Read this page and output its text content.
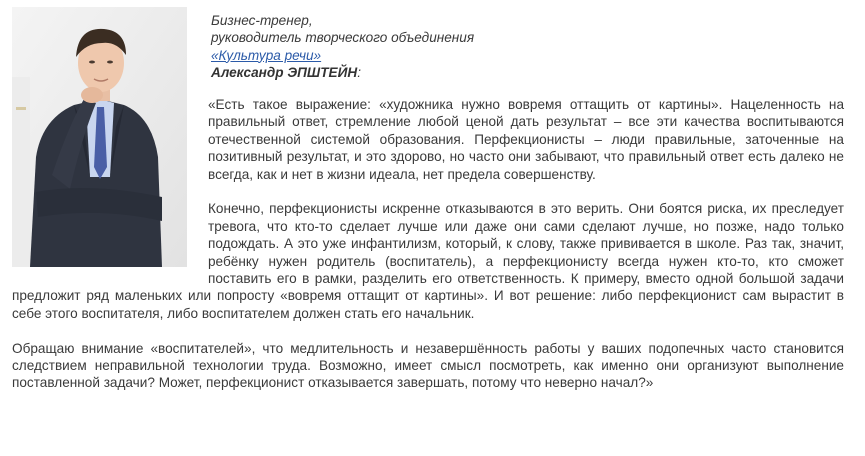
Бизнес-тренер,
руководитель творческого объединения
«Культура речи»
Александр ЭПШТЕЙН:

«Есть такое выражение: «художника нужно вовремя оттащить от картины». Нацеленность на правильный ответ, стремление любой ценой дать результат – все эти качества воспитываются отечественной системой образования. Перфекционисты – люди правильные, заточенные на позитивный результат, и это здорово, но часто они забывают, что правильный ответ есть далеко не всегда, как и нет в жизни идеала, нет предела совершенству.

Конечно, перфекционисты искренне отказываются в это верить. Они боятся риска, их преследует тревога, что кто-то сделает лучше или даже они сами сделают лучше, но позже, надо только подождать. А это уже инфантилизм, который, к слову, также прививается в школе. Раз так, значит, ребёнку нужен родитель (воспитатель), а перфекционисту всегда нужен кто-то, кто сможет поставить его в рамки, разделить его ответственность. К примеру, вместо одной большой задачи предложит ряд маленьких или попросту «вовремя оттащит от картины». И вот решение: либо перфекционист сам вырастит в себе этого воспитателя, либо воспитателем должен стать его начальник.

Обращаю внимание «воспитателей», что медлительность и незавершённость работы у ваших подопечных часто становится следствием неправильной технологии труда. Возможно, имеет смысл посмотреть, как именно они организуют выполнение поставленной задачи? Может, перфекционист отказывается завершать, потому что неверно начал?»
